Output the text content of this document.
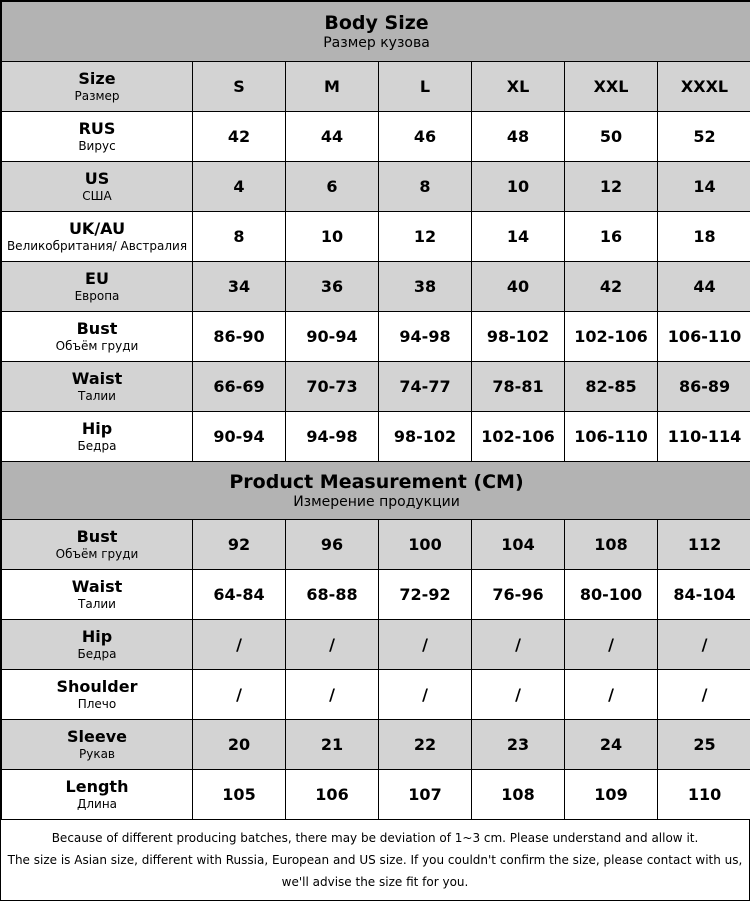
Body Size
Размер кузова						

Size
Размер	S	M	L	XL	XXL	XXXL

RUS
Вирус	42	44	46	48	50	52

US
США	4	6	8	10	12	14

UK/AU
Великобритания/ Австралия	8	10	12	14	16	18

EU
Европа	34	36	38	40	42	44

Bust
Объём груди	86-90	90-94	94-98	98-102	102-106	106-110

Waist
Талии	66-69	70-73	74-77	78-81	82-85	86-89

Hip
Бедра	90-94	94-98	98-102	102-106	106-110	110-114

Product Measurement (CM)
Измерение продукции						

Bust
Объём груди	92	96	100	104	108	112

Waist
Талии	64-84	68-88	72-92	76-96	80-100	84-104

Hip
Бедра	/	/	/	/	/	/

Shoulder
Плечо	/	/	/	/	/	/

Sleeve
Рукав	20	21	22	23	24	25

Length
Длина	105	106	107	108	109	110
Because of different producing batches, there may be deviation of 1~3 cm. Please understand and allow it.
The size is Asian size, different with Russia, European and US size. If you couldn't confirm the size, please contact with us,
we'll advise the size fit for you.
